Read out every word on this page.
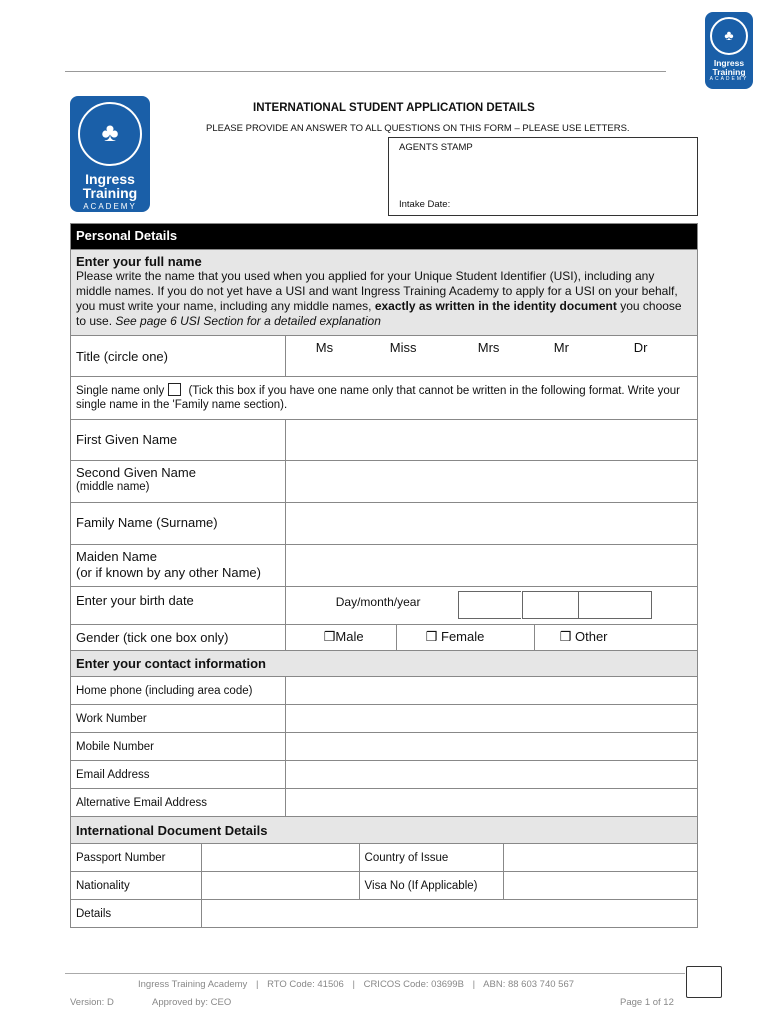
♣
Ingress
Training
ACADEMY
♣
Ingress
Training
ACADEMY
INTERNATIONAL STUDENT APPLICATION DETAILS
PLEASE PROVIDE AN ANSWER TO ALL QUESTIONS ON THIS FORM – PLEASE USE LETTERS.
AGENTS STAMP
Intake Date:
Personal Details	

Enter your full name
Please write the name that you used when you applied for your Unique Student Identifier (USI), including any middle names. If you do not yet have a USI and want Ingress Training Academy to apply for a USI on your behalf, you must write your name, including any middle names, exactly as written in the identity document you choose to use. See page 6 USI Section for a detailed explanation	
Title (circle one)	Ms Miss Mrs Mr Dr

Single name only (Tick this box if you have one name only that cannot be written in the following format. Write your single name in the 'Family name section).	
First Given Name	

Second Given Name
(middle name)	

Family Name (Surname)	

Maiden Name
(or if known by any other Name)	

Enter your birth date	Day/month/year

Gender (tick one box only)	❒Male ❒ Female ❒ Other

Enter your contact information	
Home phone (including area code)	
Work Number	
Mobile Number	
Email Address	
Alternative Email Address	
International Document Details			
Passport Number		Country of Issue	
Nationality		Visa No (If Applicable)	
Details			
Ingress Training Academy | RTO Code: 41506 | CRICOS Code: 03699B | ABN: 88 603 740 567
Version: D	Approved by: CEO	Page 1 of 12
